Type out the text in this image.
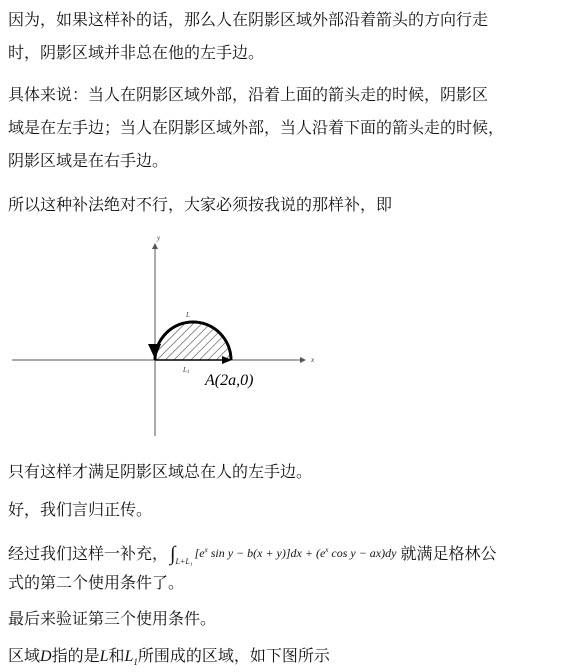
因为，如果这样补的话，那么人在阴影区域外部沿着箭头的方向行走
时，阴影区域并非总在他的左手边。
具体来说：当人在阴影区域外部，沿着上面的箭头走的时候，阴影区
域是在左手边；当人在阴影区域外部，当人沿着下面的箭头走的时候，
阴影区域是在右手边。
所以这种补法绝对不行，大家必须按我说的那样补，即
y
x
L
L1 A(2a,0)
只有这样才满足阴影区域总在人的左手边。
好，我们言归正传。
经过我们这样一补充， $\int_{L+L_1}[e^x$ $\sin y - b(x + y)]dx + (e^x$ cos y − ax)dy 就满足格林公
式的第二个使用条件了。
最后来验证第三个使用条件。
区域D指的是L和$L_1$所围成的区域，如下图所示
